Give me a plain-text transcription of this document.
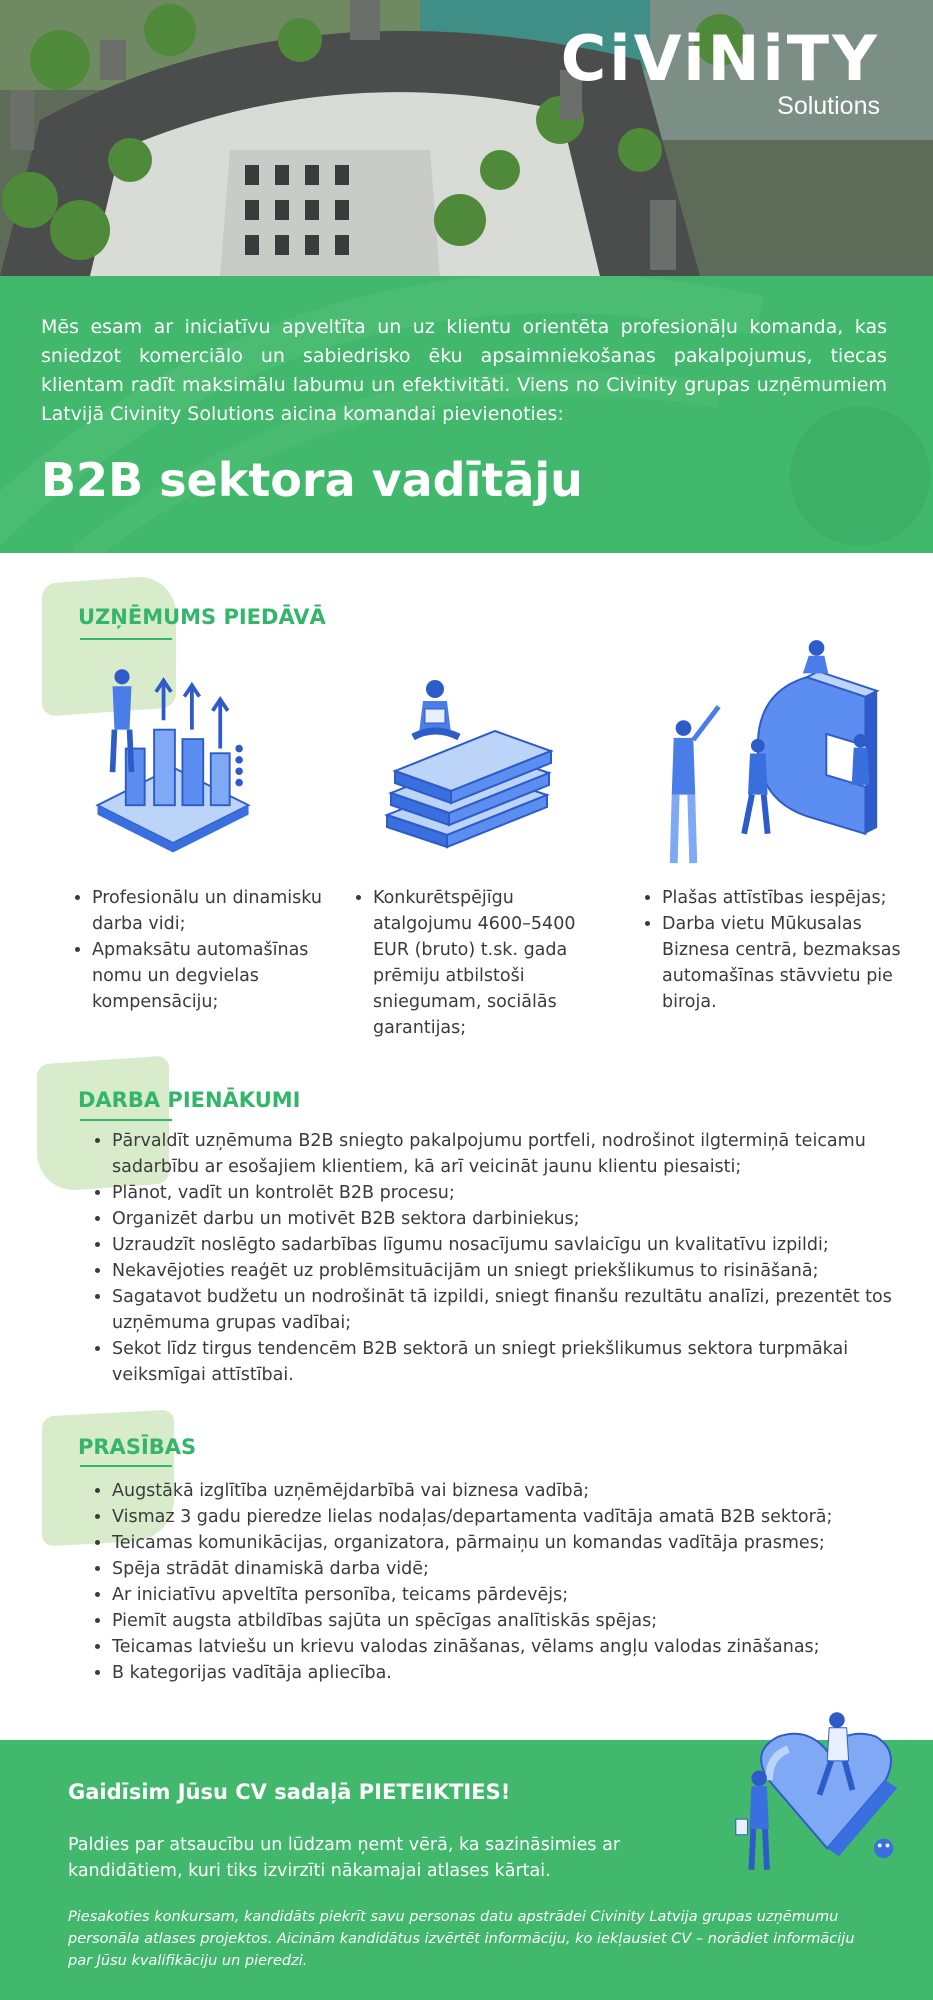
CiViNiTY
Solutions
Mēs esam ar iniciatīvu apveltīta un uz klientu orientēta profesionāļu komanda, kas sniedzot komerciālo un sabiedrisko ēku apsaimniekošanas pakalpojumus, tiecas klientam radīt maksimālu labumu un efektivitāti. Viens no Civinity grupas uzņēmumiem Latvijā Civinity Solutions aicina komandai pievienoties:
B2B sektora vadītāju
UZŅĒMUMS PIEDĀVĀ
• Profesionālu un dinamisku darba vidi;
• Apmaksātu automašīnas nomu un degvielas kompensāciju;
• Konkurētspējīgu atalgojumu 4600–5400 EUR (bruto) t.sk. gada prēmiju atbilstoši sniegumam, sociālās garantijas;
• Plašas attīstības iespējas;
• Darba vietu Mūkusalas Biznesa centrā, bezmaksas automašīnas stāvvietu pie biroja.
DARBA PIENĀKUMI
• Pārvaldīt uzņēmuma B2B sniegto pakalpojumu portfeli, nodrošinot ilgtermiņā teicamu sadarbību ar esošajiem klientiem, kā arī veicināt jaunu klientu piesaisti;
• Plānot, vadīt un kontrolēt B2B procesu;
• Organizēt darbu un motivēt B2B sektora darbiniekus;
• Uzraudzīt noslēgto sadarbības līgumu nosacījumu savlaicīgu un kvalitatīvu izpildi;
• Nekavējoties reaģēt uz problēmsituācijām un sniegt priekšlikumus to risināšanā;
• Sagatavot budžetu un nodrošināt tā izpildi, sniegt finanšu rezultātu analīzi, prezentēt tos uzņēmuma grupas vadībai;
• Sekot līdz tirgus tendencēm B2B sektorā un sniegt priekšlikumus sektora turpmākai veiksmīgai attīstībai.
PRASĪBAS
• Augstākā izglītība uzņēmējdarbībā vai biznesa vadībā;
• Vismaz 3 gadu pieredze lielas nodaļas/departamenta vadītāja amatā B2B sektorā;
• Teicamas komunikācijas, organizatora, pārmaiņu un komandas vadītāja prasmes;
• Spēja strādāt dinamiskā darba vidē;
• Ar iniciatīvu apveltīta personība, teicams pārdevējs;
• Piemīt augsta atbildības sajūta un spēcīgas analītiskās spējas;
• Teicamas latviešu un krievu valodas zināšanas, vēlams angļu valodas zināšanas;
• B kategorijas vadītāja apliecība.
Gaidīsim Jūsu CV sadaļā PIETEIKTIES!
Paldies par atsaucību un lūdzam ņemt vērā, ka sazināsimies ar kandidātiem, kuri tiks izvirzīti nākamajai atlases kārtai.
Piesakoties konkursam, kandidāts piekrīt savu personas datu apstrādei Civinity Latvija grupas uzņēmumu personāla atlases projektos. Aicinām kandidātus izvērtēt informāciju, ko iekļausiet CV – norādiet informāciju par Jūsu kvalifikāciju un pieredzi.
